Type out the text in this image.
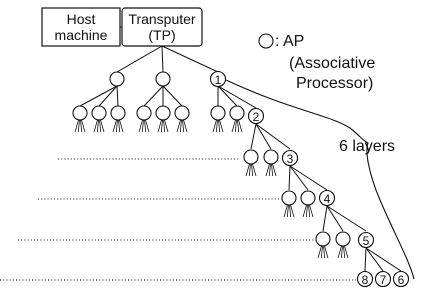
Host
machine
Transputer
(TP)	: AP
(Associative
Processor)
1
2
3
4
5
8 7 6
6 layers
